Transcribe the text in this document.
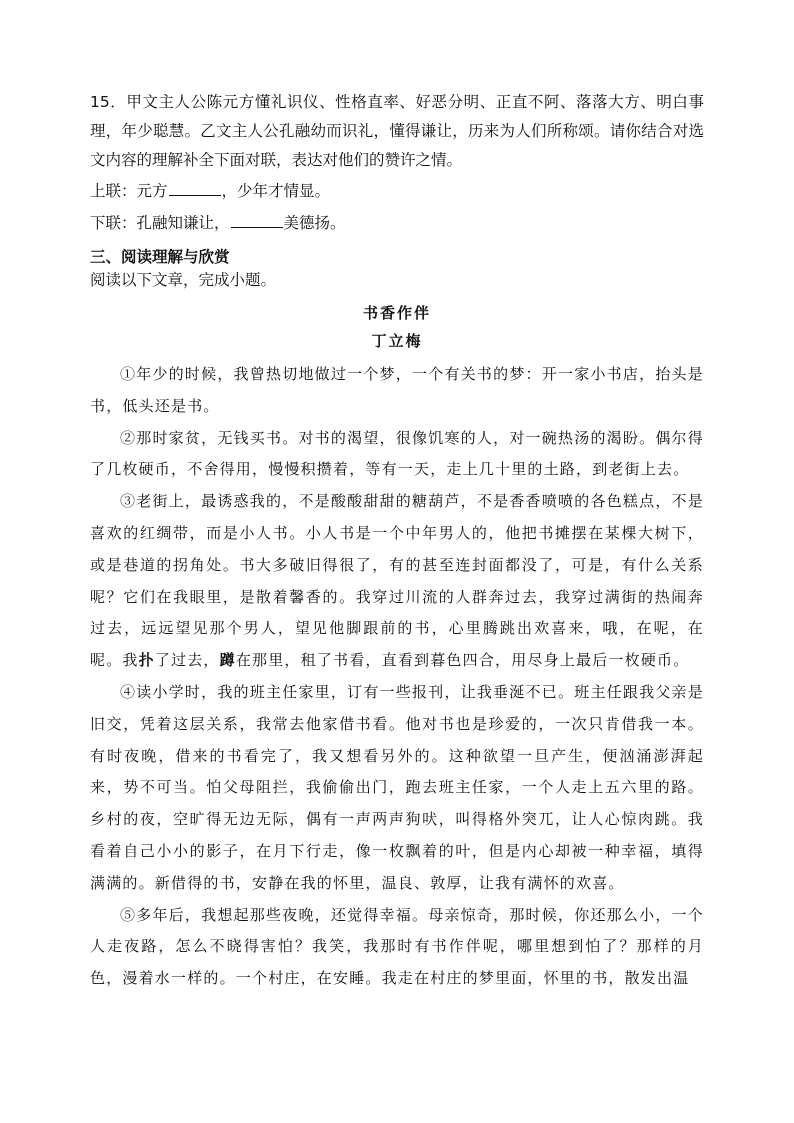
15．甲文主人公陈元方懂礼识仪、性格直率、好恶分明、正直不阿、落落大方、明白事理，年少聪慧。乙文主人公孔融幼而识礼，懂得谦让，历来为人们所称颂。请你结合对选文内容的理解补全下面对联，表达对他们的赞许之情。

上联：元方	，少年才情显。

下联：孔融知谦让，	美德扬。

三、阅读理解与欣赏
阅读以下文章，完成小题。
书香作伴
丁立梅

①年少的时候，我曾热切地做过一个梦，一个有关书的梦：开一家小书店，抬头是书，低头还是书。

②那时家贫，无钱买书。对书的渴望，很像饥寒的人，对一碗热汤的渴盼。偶尔得了几枚硬币，不舍得用，慢慢积攒着，等有一天，走上几十里的土路，到老街上去。

③老街上，最诱惑我的，不是酸酸甜甜的糖葫芦，不是香香喷喷的各色糕点，不是喜欢的红绸带，而是小人书。小人书是一个中年男人的，他把书摊摆在某棵大树下，或是巷道的拐角处。书大多破旧得很了，有的甚至连封面都没了，可是，有什么关系呢？它们在我眼里，是散着馨香的。我穿过川流的人群奔过去，我穿过满街的热闹奔过去，远远望见那个男人，望见他脚跟前的书，心里腾跳出欢喜来，哦，在呢，在呢。我扑了过去，蹲在那里，租了书看，直看到暮色四合，用尽身上最后一枚硬币。

④读小学时，我的班主任家里，订有一些报刊，让我垂涎不已。班主任跟我父亲是旧交，凭着这层关系，我常去他家借书看。他对书也是珍爱的，一次只肯借我一本。有时夜晚，借来的书看完了，我又想看另外的。这种欲望一旦产生，便汹涌澎湃起来，势不可当。怕父母阻拦，我偷偷出门，跑去班主任家，一个人走上五六里的路。乡村的夜，空旷得无边无际，偶有一声两声狗吠，叫得格外突兀，让人心惊肉跳。我看着自己小小的影子，在月下行走，像一枚飘着的叶，但是内心却被一种幸福，填得满满的。新借得的书，安静在我的怀里，温良、敦厚，让我有满怀的欢喜。

⑤多年后，我想起那些夜晚，还觉得幸福。母亲惊奇，那时候，你还那么小，一个人走夜路，怎么不晓得害怕？我笑，我那时有书作伴呢，哪里想到怕了？那样的月色，漫着水一样的。一个村庄，在安睡。我走在村庄的梦里面，怀里的书，散发出温
